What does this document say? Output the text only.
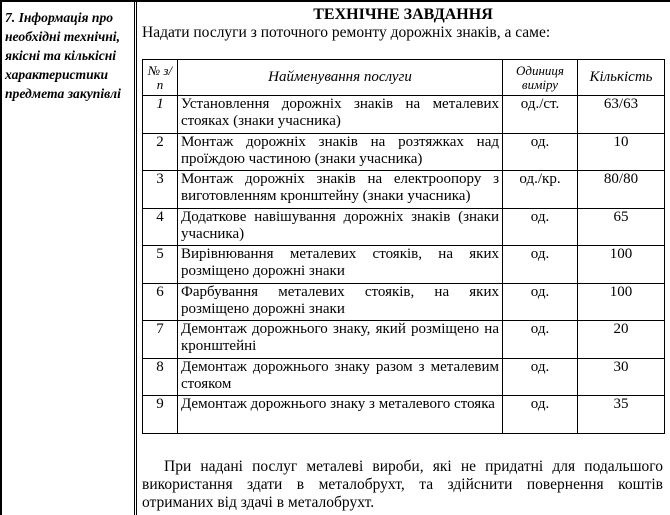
7. Інформація про необхідні технічні, якісні та кількісні характеристики предмета закупівлі
ТЕХНІЧНЕ ЗАВДАННЯ
Надати послуги з поточного ремонту дорожніх знаків, а саме:
№ з/п	Найменування послуги	Одиниця виміру	Кількість
1	Установлення дорожніх знаків на металевих стояках (знаки учасника)	од./ст.	63/63
2	Монтаж дорожніх знаків на розтяжках над проїждою частиною (знаки учасника)	од.	10
3	Монтаж дорожніх знаків на електроопору з виготовленням кронштейну (знаки учасника)	од./кр.	80/80
4	Додаткове навішування дорожніх знаків (знаки учасника)	од.	65
5	Вирівнювання металевих стояків, на яких розміщено дорожні знаки	од.	100
6	Фарбування металевих стояків, на яких розміщено дорожні знаки	од.	100
7	Демонтаж дорожнього знаку, який розміщено на кронштейні	од.	20
8	Демонтаж дорожнього знаку разом з металевим стояком	од.	30
9	Демонтаж дорожнього знаку з металевого стояка	од.	35
При надані послуг металеві вироби, які не придатні для подальшого використання здати в металобрухт, та здійснити повернення коштів отриманих від здачі в металобрухт.
